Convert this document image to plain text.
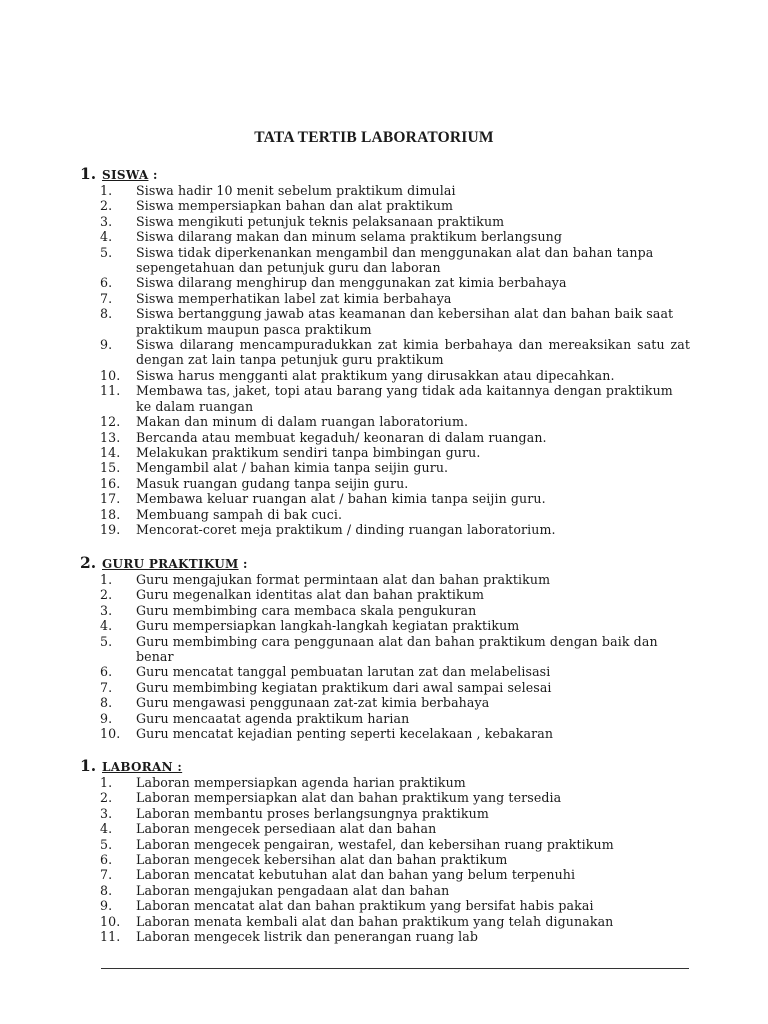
TATA TERTIB LABORATORIUM
1. SISWA :
1. Siswa hadir 10 menit sebelum praktikum dimulai
2. Siswa mempersiapkan bahan dan alat praktikum
3. Siswa mengikuti petunjuk teknis pelaksanaan praktikum
4. Siswa dilarang makan dan minum selama praktikum berlangsung
5. Siswa tidak diperkenankan mengambil dan menggunakan alat dan bahan tanpa sepengetahuan dan petunjuk guru dan laboran
6. Siswa dilarang menghirup dan menggunakan zat kimia berbahaya
7. Siswa memperhatikan label zat kimia berbahaya
8. Siswa bertanggung jawab atas keamanan dan kebersihan alat dan bahan baik saat praktikum maupun pasca praktikum
9. Siswa dilarang mencampuradukkan zat kimia berbahaya dan mereaksikan satu zat dengan zat lain tanpa petunjuk guru praktikum
10. Siswa harus mengganti alat praktikum yang dirusakkan atau dipecahkan.
11. Membawa tas, jaket, topi atau barang yang tidak ada kaitannya dengan praktikum ke dalam ruangan
12. Makan dan minum di dalam ruangan laboratorium.
13. Bercanda atau membuat kegaduh/ keonaran di dalam ruangan.
14. Melakukan praktikum sendiri tanpa bimbingan guru.
15. Mengambil alat / bahan kimia tanpa seijin guru.
16. Masuk ruangan gudang tanpa seijin guru.
17. Membawa keluar ruangan alat / bahan kimia tanpa seijin guru.
18. Membuang sampah di bak cuci.
19. Mencorat-coret meja praktikum / dinding ruangan laboratorium.
2. GURU PRAKTIKUM :
1. Guru mengajukan format permintaan alat dan bahan praktikum
2. Guru megenalkan identitas alat dan bahan praktikum
3. Guru membimbing cara membaca skala pengukuran
4. Guru mempersiapkan langkah-langkah kegiatan praktikum
5. Guru membimbing cara penggunaan alat dan bahan praktikum dengan baik dan benar
6. Guru mencatat tanggal pembuatan larutan zat dan melabelisasi
7. Guru membimbing kegiatan praktikum dari awal sampai selesai
8. Guru mengawasi penggunaan zat-zat kimia berbahaya
9. Guru mencaatat agenda praktikum harian
10. Guru mencatat kejadian penting seperti kecelakaan , kebakaran
1. LABORAN :
1. Laboran mempersiapkan agenda harian praktikum
2. Laboran mempersiapkan alat dan bahan praktikum yang tersedia
3. Laboran membantu proses berlangsungnya praktikum
4. Laboran mengecek persediaan alat dan bahan
5. Laboran mengecek pengairan, westafel, dan kebersihan ruang praktikum
6. Laboran mengecek kebersihan alat dan bahan praktikum
7. Laboran mencatat kebutuhan alat dan bahan yang belum terpenuhi
8. Laboran mengajukan pengadaan alat dan bahan
9. Laboran mencatat alat dan bahan praktikum yang bersifat habis pakai
10. Laboran menata kembali alat dan bahan praktikum yang telah digunakan
11. Laboran mengecek listrik dan penerangan ruang lab
